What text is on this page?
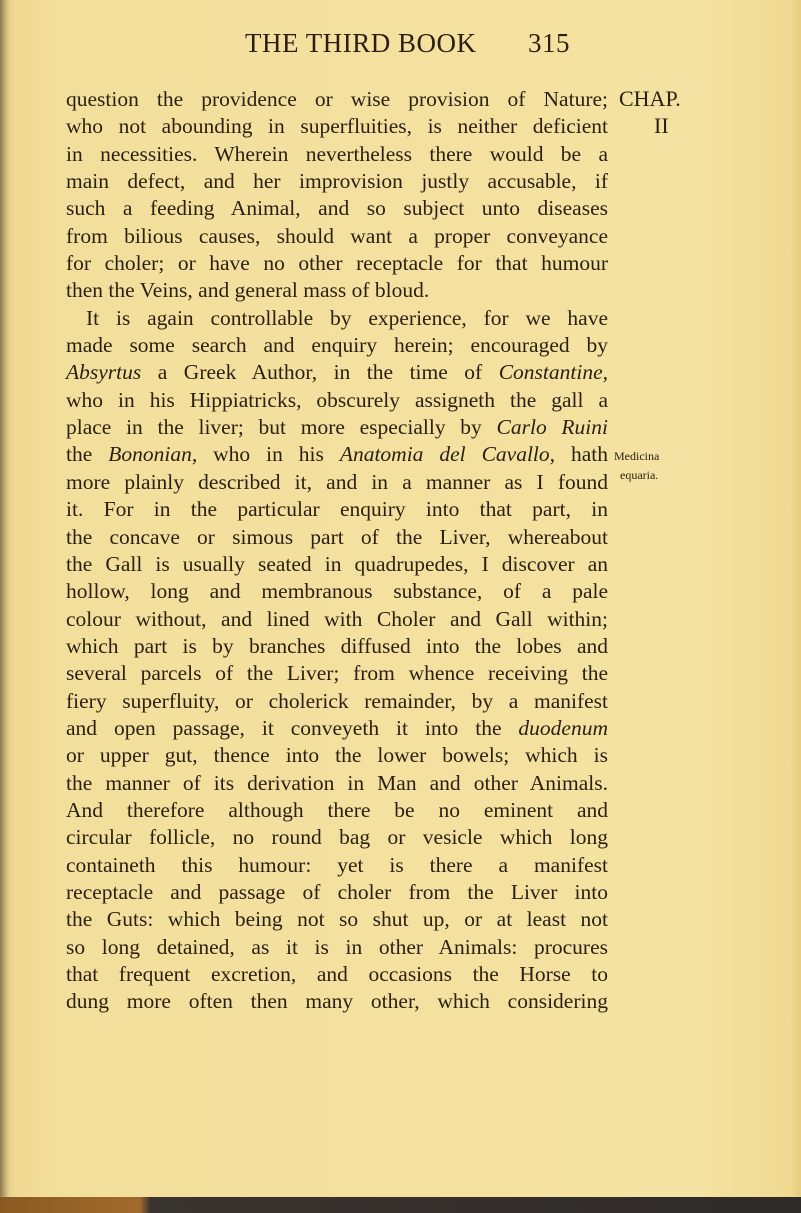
THE THIRD BOOK 315
CHAP.
II
Medicina
equaria.
question the providence or wise provision of Nature;
who not abounding in superfluities, is neither deficient
in necessities. Wherein nevertheless there would be a
main defect, and her improvision justly accusable, if
such a feeding Animal, and so subject unto diseases
from bilious causes, should want a proper conveyance
for choler; or have no other receptacle for that humour
then the Veins, and general mass of bloud.
It is again controllable by experience, for we have
made some search and enquiry herein; encouraged by
Absyrtus a Greek Author, in the time of Constantine,
who in his Hippiatricks, obscurely assigneth the gall a
place in the liver; but more especially by Carlo Ruini
the Bononian, who in his Anatomia del Cavallo, hath
more plainly described it, and in a manner as I found
it. For in the particular enquiry into that part, in
the concave or simous part of the Liver, whereabout
the Gall is usually seated in quadrupedes, I discover an
hollow, long and membranous substance, of a pale
colour without, and lined with Choler and Gall within;
which part is by branches diffused into the lobes and
several parcels of the Liver; from whence receiving the
fiery superfluity, or cholerick remainder, by a manifest
and open passage, it conveyeth it into the duodenum
or upper gut, thence into the lower bowels; which is
the manner of its derivation in Man and other Animals.
And therefore although there be no eminent and
circular follicle, no round bag or vesicle which long
containeth this humour: yet is there a manifest
receptacle and passage of choler from the Liver into
the Guts: which being not so shut up, or at least not
so long detained, as it is in other Animals: procures
that frequent excretion, and occasions the Horse to
dung more often then many other, which considering
